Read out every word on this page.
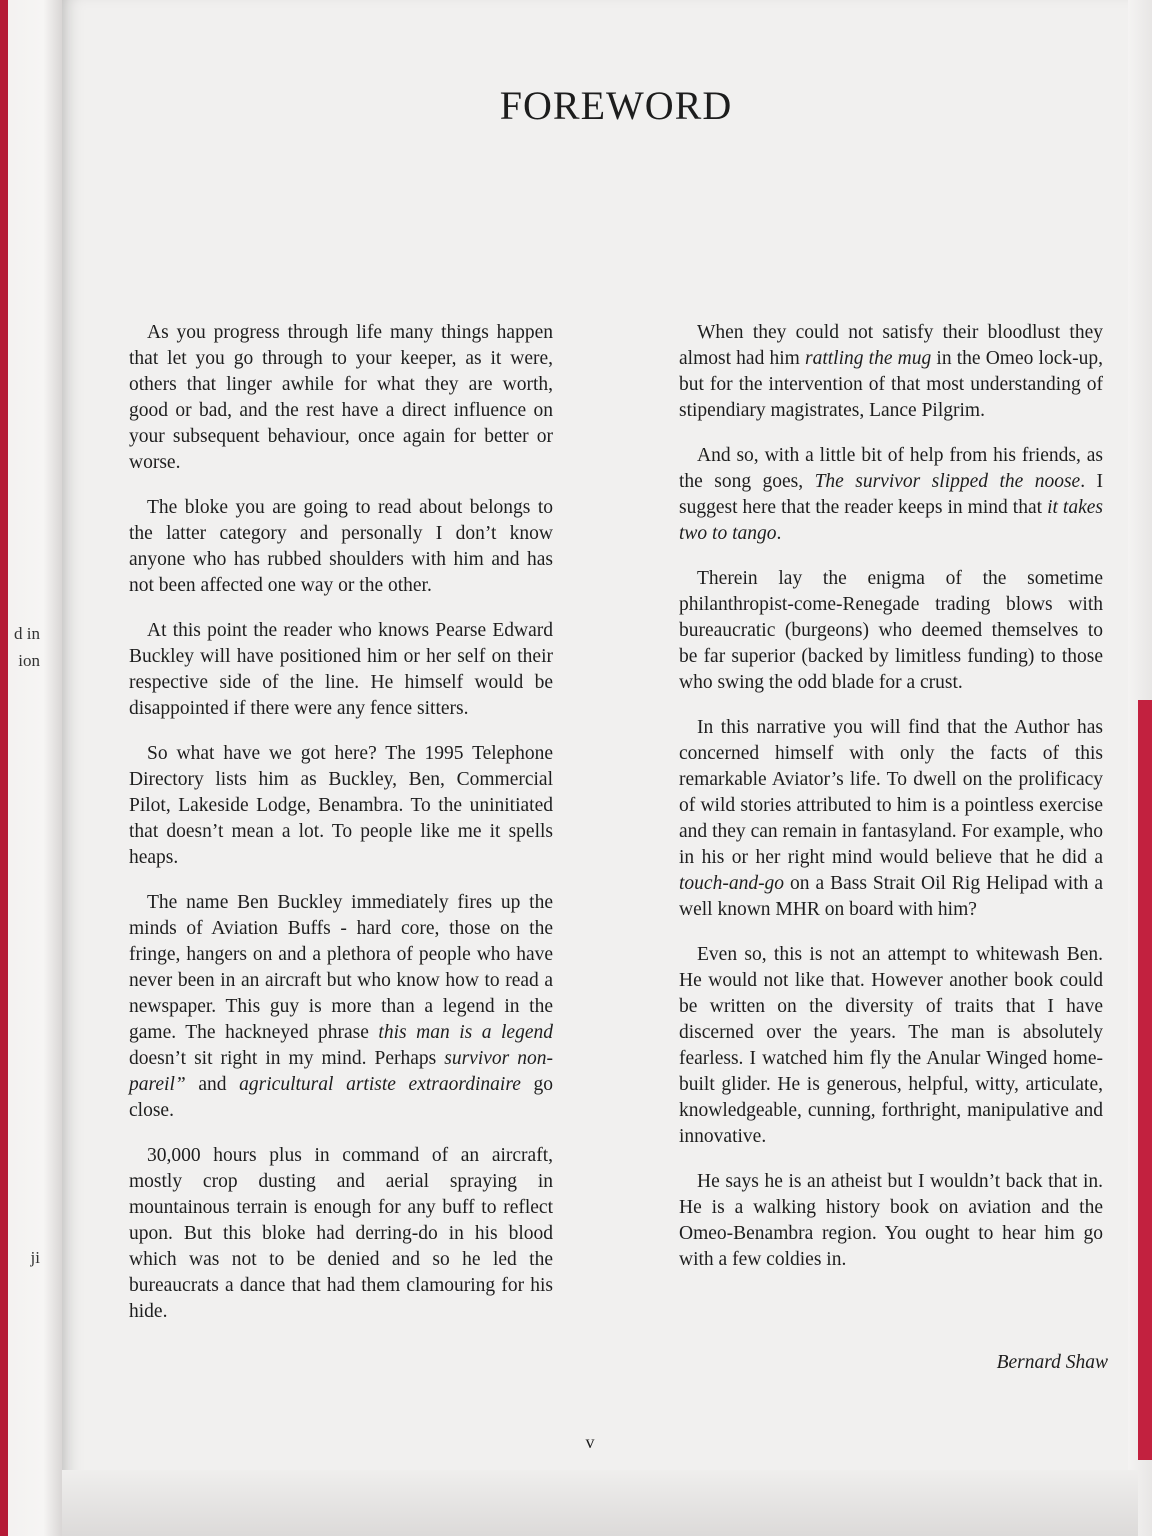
d in
ion
ji
FOREWORD

As you progress through life many things happen that let you go through to your keeper, as it were, others that linger awhile for what they are worth, good or bad, and the rest have a direct influence on your subsequent behaviour, once again for better or worse.

The bloke you are going to read about belongs to the latter category and personally I don’t know anyone who has rubbed shoulders with him and has not been affected one way or the other.

At this point the reader who knows Pearse Edward Buckley will have positioned him or her self on their respective side of the line. He himself would be disappointed if there were any fence sitters.

So what have we got here? The 1995 Telephone Directory lists him as Buckley, Ben, Commercial Pilot, Lakeside Lodge, Benambra. To the uninitiated that doesn’t mean a lot. To people like me it spells heaps.

The name Ben Buckley immediately fires up the minds of Aviation Buffs - hard core, those on the fringe, hangers on and a plethora of people who have never been in an aircraft but who know how to read a newspaper. This guy is more than a legend in the game. The hackneyed phrase this man is a legend doesn’t sit right in my mind. Perhaps survivor non-pareil” and agricultural artiste extraordinaire go close.

30,000 hours plus in command of an aircraft, mostly crop dusting and aerial spraying in mountainous terrain is enough for any buff to reflect upon. But this bloke had derring-do in his blood which was not to be denied and so he led the bureaucrats a dance that had them clamouring for his hide.

When they could not satisfy their bloodlust they almost had him rattling the mug in the Omeo lock-up, but for the intervention of that most understanding of stipendiary magistrates, Lance Pilgrim.

And so, with a little bit of help from his friends, as the song goes, The survivor slipped the noose. I suggest here that the reader keeps in mind that it takes two to tango.

Therein lay the enigma of the sometime philanthropist-come-Renegade trading blows with bureaucratic (burgeons) who deemed themselves to be far superior (backed by limitless funding) to those who swing the odd blade for a crust.

In this narrative you will find that the Author has concerned himself with only the facts of this remarkable Aviator’s life. To dwell on the prolificacy of wild stories attributed to him is a pointless exercise and they can remain in fantasyland. For example, who in his or her right mind would believe that he did a touch-and-go on a Bass Strait Oil Rig Helipad with a well known MHR on board with him?

Even so, this is not an attempt to whitewash Ben. He would not like that. However another book could be written on the diversity of traits that I have discerned over the years. The man is absolutely fearless. I watched him fly the Anular Winged home-built glider. He is generous, helpful, witty, articulate, knowledgeable, cunning, forthright, manipulative and innovative.

He says he is an atheist but I wouldn’t back that in. He is a walking history book on aviation and the Omeo-Benambra region. You ought to hear him go with a few coldies in.

Bernard Shaw
v
